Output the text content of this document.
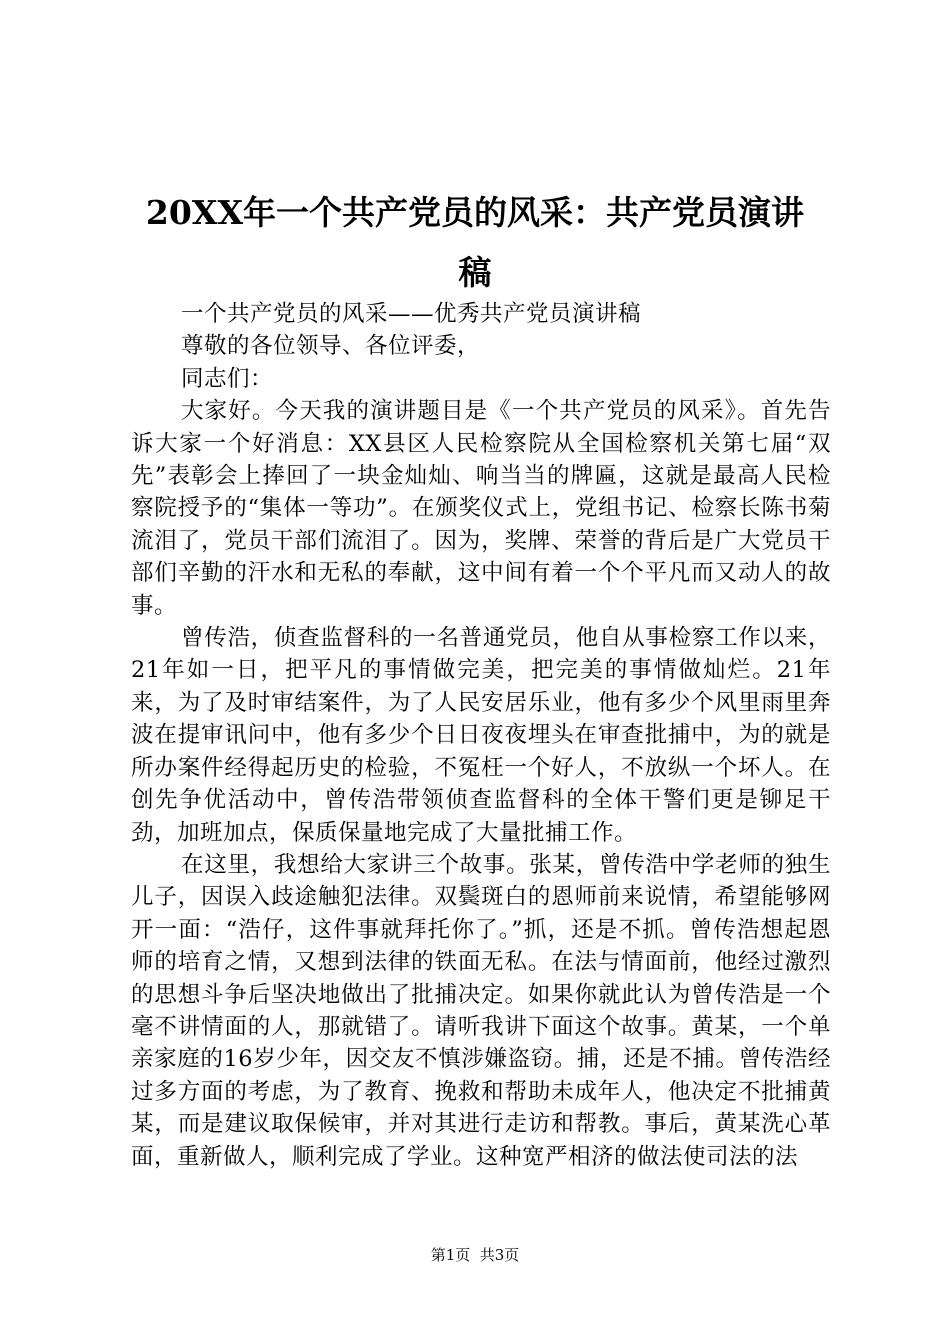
20XX年一个共产党员的风采：共产党员演讲
稿

一个共产党员的风采——优秀共产党员演讲稿

尊敬的各位领导、各位评委，

同志们：

大家好。今天我的演讲题目是《一个共产党员的风采》。首先告诉大家一个好消息：XX县区人民检察院从全国检察机关第七届“双先”表彰会上捧回了一块金灿灿、响当当的牌匾，这就是最高人民检察院授予的“集体一等功”。在颁奖仪式上，党组书记、检察长陈书菊流泪了，党员干部们流泪了。因为，奖牌、荣誉的背后是广大党员干部们辛勤的汗水和无私的奉献，这中间有着一个个平凡而又动人的故事。

曾传浩，侦查监督科的一名普通党员，他自从事检察工作以来，21年如一日，把平凡的事情做完美，把完美的事情做灿烂。21年来，为了及时审结案件，为了人民安居乐业，他有多少个风里雨里奔波在提审讯问中，他有多少个日日夜夜埋头在审查批捕中，为的就是所办案件经得起历史的检验，不冤枉一个好人，不放纵一个坏人。在创先争优活动中，曾传浩带领侦查监督科的全体干警们更是铆足干劲，加班加点，保质保量地完成了大量批捕工作。

在这里，我想给大家讲三个故事。张某，曾传浩中学老师的独生儿子，因误入歧途触犯法律。双鬓斑白的恩师前来说情，希望能够网开一面：“浩仔，这件事就拜托你了。”抓，还是不抓。曾传浩想起恩师的培育之情，又想到法律的铁面无私。在法与情面前，他经过激烈的思想斗争后坚决地做出了批捕决定。如果你就此认为曾传浩是一个毫不讲情面的人，那就错了。请听我讲下面这个故事。黄某，一个单亲家庭的16岁少年，因交友不慎涉嫌盗窃。捕，还是不捕。曾传浩经过多方面的考虑，为了教育、挽救和帮助未成年人，他决定不批捕黄某，而是建议取保候审，并对其进行走访和帮教。事后，黄某洗心革面，重新做人，顺利完成了学业。这种宽严相济的做法使司法的法

第1页  共3页
